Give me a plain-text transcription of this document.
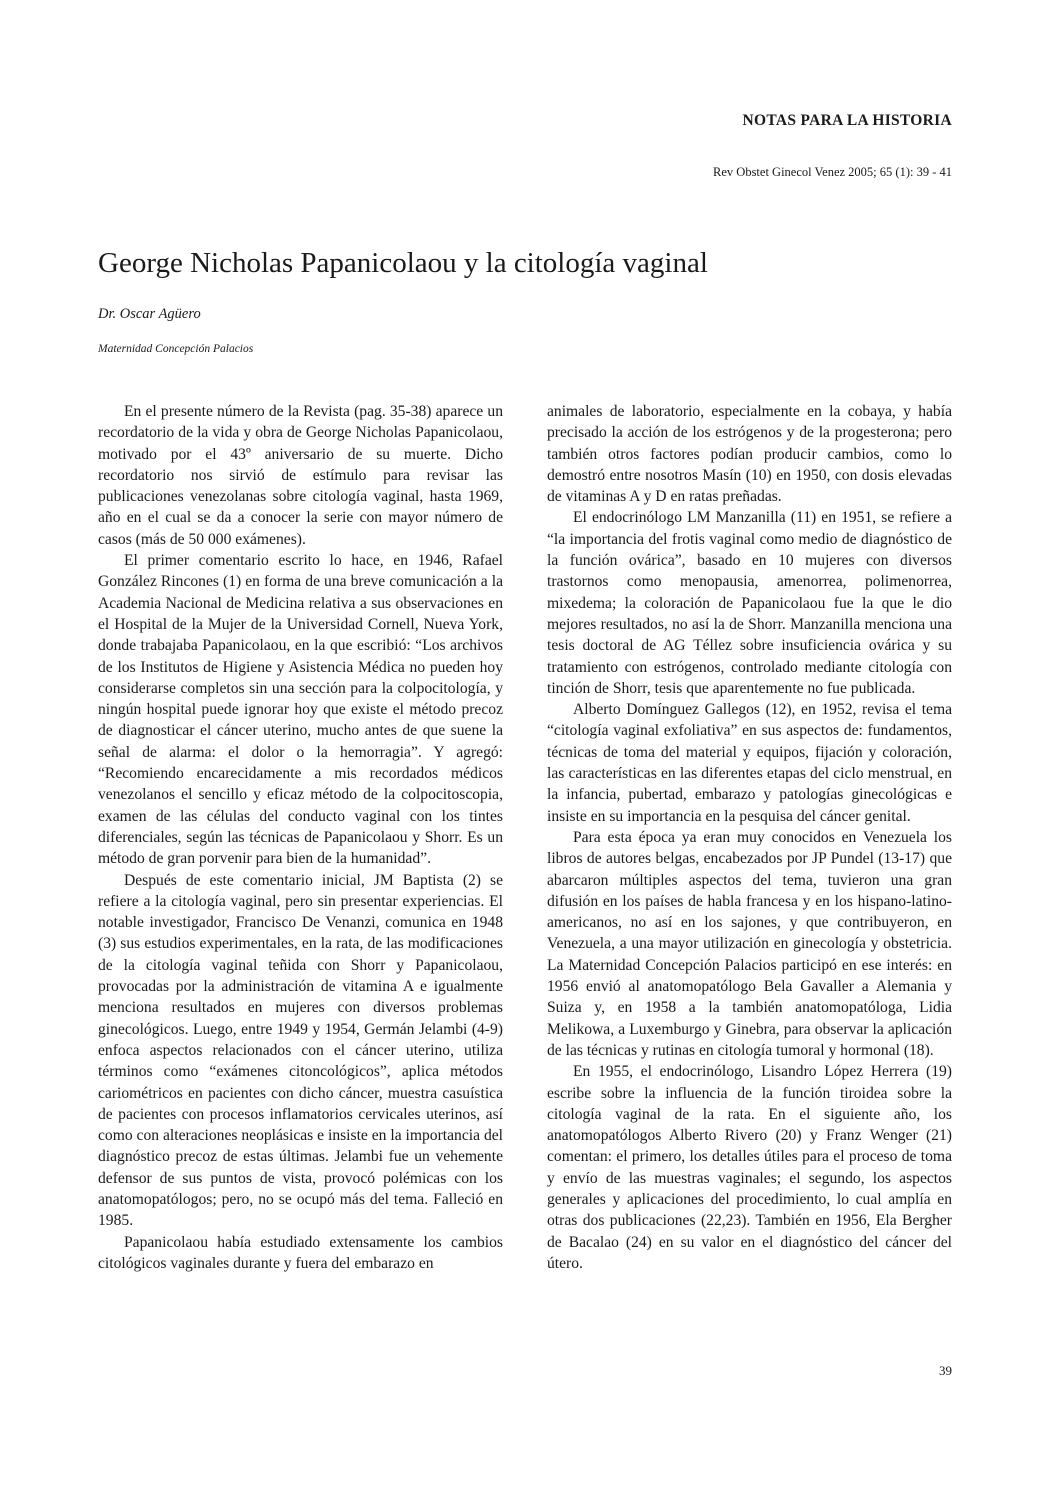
NOTAS PARA LA HISTORIA
Rev Obstet Ginecol Venez 2005; 65 (1): 39 - 41
George Nicholas Papanicolaou y la citología vaginal
Dr. Oscar Agüero
Maternidad Concepción Palacios

En el presente número de la Revista (pag. 35-38) aparece un recordatorio de la vida y obra de George Nicholas Papanicolaou, motivado por el 43º aniversario de su muerte. Dicho recordatorio nos sirvió de estímulo para revisar las publicaciones venezolanas sobre citología vaginal, hasta 1969, año en el cual se da a conocer la serie con mayor número de casos (más de 50 000 exámenes).

El primer comentario escrito lo hace, en 1946, Rafael González Rincones (1) en forma de una breve comunicación a la Academia Nacional de Medicina relativa a sus observaciones en el Hospital de la Mujer de la Universidad Cornell, Nueva York, donde trabajaba Papanicolaou, en la que escribió: “Los archivos de los Institutos de Higiene y Asistencia Médica no pueden hoy considerarse completos sin una sección para la colpocitología, y ningún hospital puede ignorar hoy que existe el método precoz de diagnosticar el cáncer uterino, mucho antes de que suene la señal de alarma: el dolor o la hemorragia”. Y agregó: “Recomiendo encarecidamente a mis recordados médicos venezolanos el sencillo y eficaz método de la colpocitoscopia, examen de las células del conducto vaginal con los tintes diferenciales, según las técnicas de Papanicolaou y Shorr. Es un método de gran porvenir para bien de la humanidad”.

Después de este comentario inicial, JM Baptista (2) se refiere a la citología vaginal, pero sin presentar experiencias. El notable investigador, Francisco De Venanzi, comunica en 1948 (3) sus estudios experimentales, en la rata, de las modificaciones de la citología vaginal teñida con Shorr y Papanicolaou, provocadas por la administración de vitamina A e igualmente menciona resultados en mujeres con diversos problemas ginecológicos. Luego, entre 1949 y 1954, Germán Jelambi (4-9) enfoca aspectos relacionados con el cáncer uterino, utiliza términos como “exámenes citoncológicos”, aplica métodos cariométricos en pacientes con dicho cáncer, muestra casuística de pacientes con procesos inflamatorios cervicales uterinos, así como con alteraciones neoplásicas e insiste en la importancia del diagnóstico precoz de estas últimas. Jelambi fue un vehemente defensor de sus puntos de vista, provocó polémicas con los anatomopatólogos; pero, no se ocupó más del tema. Falleció en 1985.

Papanicolaou había estudiado extensamente los cambios citológicos vaginales durante y fuera del embarazo en

animales de laboratorio, especialmente en la cobaya, y había precisado la acción de los estrógenos y de la progesterona; pero también otros factores podían producir cambios, como lo demostró entre nosotros Masín (10) en 1950, con dosis elevadas de vitaminas A y D en ratas preñadas.

El endocrinólogo LM Manzanilla (11) en 1951, se refiere a “la importancia del frotis vaginal como medio de diagnóstico de la función ovárica”, basado en 10 mujeres con diversos trastornos como menopausia, amenorrea, polimenorrea, mixedema; la coloración de Papanicolaou fue la que le dio mejores resultados, no así la de Shorr. Manzanilla menciona una tesis doctoral de AG Téllez sobre insuficiencia ovárica y su tratamiento con estrógenos, controlado mediante citología con tinción de Shorr, tesis que aparentemente no fue publicada.

Alberto Domínguez Gallegos (12), en 1952, revisa el tema “citología vaginal exfoliativa” en sus aspectos de: fundamentos, técnicas de toma del material y equipos, fijación y coloración, las características en las diferentes etapas del ciclo menstrual, en la infancia, pubertad, embarazo y patologías ginecológicas e insiste en su importancia en la pesquisa del cáncer genital.

Para esta época ya eran muy conocidos en Venezuela los libros de autores belgas, encabezados por JP Pundel (13-17) que abarcaron múltiples aspectos del tema, tuvieron una gran difusión en los países de habla francesa y en los hispano-latino-americanos, no así en los sajones, y que contribuyeron, en Venezuela, a una mayor utilización en ginecología y obstetricia. La Maternidad Concepción Palacios participó en ese interés: en 1956 envió al anatomopatólogo Bela Gavaller a Alemania y Suiza y, en 1958 a la también anatomopatóloga, Lidia Melikowa, a Luxemburgo y Ginebra, para observar la aplicación de las técnicas y rutinas en citología tumoral y hormonal (18).

En 1955, el endocrinólogo, Lisandro López Herrera (19) escribe sobre la influencia de la función tiroidea sobre la citología vaginal de la rata. En el siguiente año, los anatomopatólogos Alberto Rivero (20) y Franz Wenger (21) comentan: el primero, los detalles útiles para el proceso de toma y envío de las muestras vaginales; el segundo, los aspectos generales y aplicaciones del procedimiento, lo cual amplía en otras dos publicaciones (22,23). También en 1956, Ela Bergher de Bacalao (24) en su valor en el diagnóstico del cáncer del útero.

39
